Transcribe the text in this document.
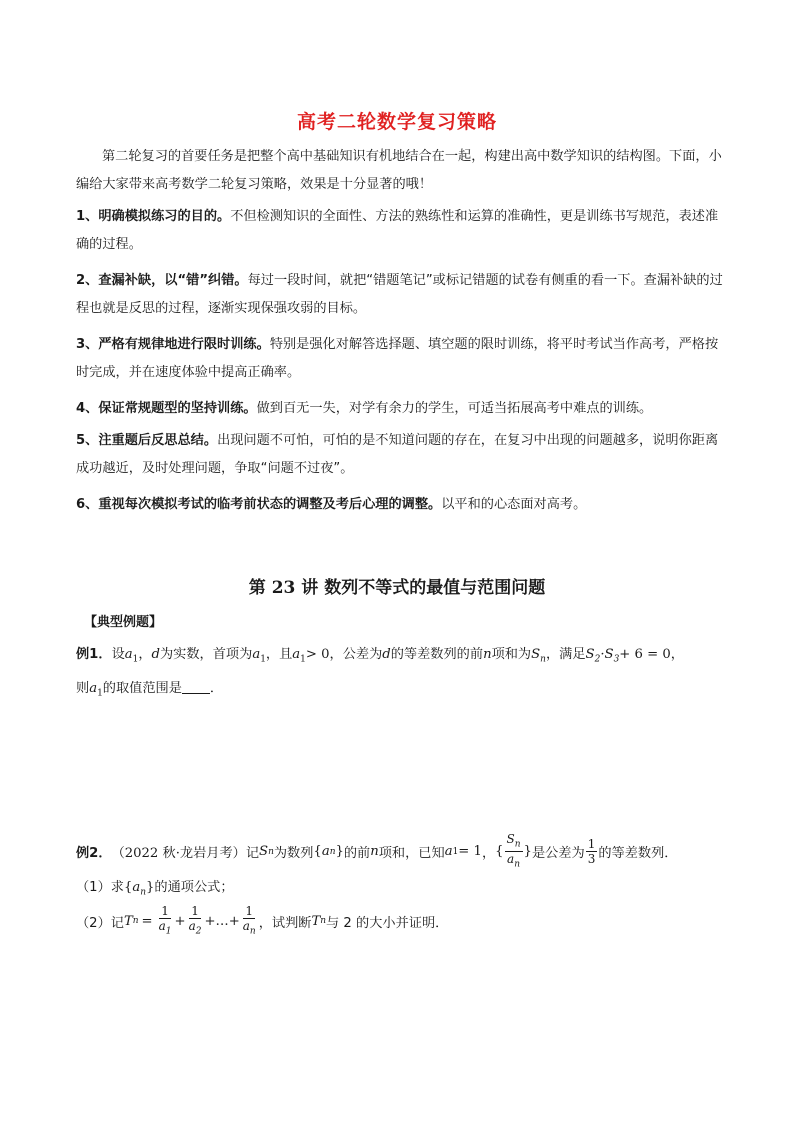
高考二轮数学复习策略
第二轮复习的首要任务是把整个高中基础知识有机地结合在一起，构建出高中数学知识的结构图。下面，小编给大家带来高考数学二轮复习策略，效果是十分显著的哦！
1、明确模拟练习的目的。不但检测知识的全面性、方法的熟练性和运算的准确性，更是训练书写规范，表述准确的过程。
2、查漏补缺，以“错”纠错。每过一段时间，就把“错题笔记”或标记错题的试卷有侧重的看一下。查漏补缺的过程也就是反思的过程，逐渐实现保强攻弱的目标。
3、严格有规律地进行限时训练。特别是强化对解答选择题、填空题的限时训练，将平时考试当作高考，严格按时完成，并在速度体验中提高正确率。
4、保证常规题型的坚持训练。做到百无一失，对学有余力的学生，可适当拓展高考中难点的训练。
5、注重题后反思总结。出现问题不可怕，可怕的是不知道问题的存在，在复习中出现的问题越多，说明你距离成功越近，及时处理问题，争取“问题不过夜”。
6、重视每次模拟考试的临考前状态的调整及考后心理的调整。以平和的心态面对高考。
第 23 讲 数列不等式的最值与范围问题
【典型例题】
例1．设$a_1$，d为实数，首项为$a_1$，且$a_1> 0$，公差为d的等差数列的前n项和为$S_n$，满足$S_2\cdot S_3+ 6 = 0$，
则$a_1$的取值范围是 ．
例2． （2022 秋·龙岩月考） 记 S n 为数列 { a n } 的前 n 项和，已知 a 1 = 1 ， { $\frac{S_n}{a_n}$ } 是公差为 $\frac{1}{3}$ 的等差数列．
（1）求$\{a_n\}$的通项公式；
（2）记 T $n = \frac{1}{a_1} + \frac{1}{a_2}$ +…+ $\frac{1}{a_n}$ ，试判断 T n 与 2 的大小并证明．
